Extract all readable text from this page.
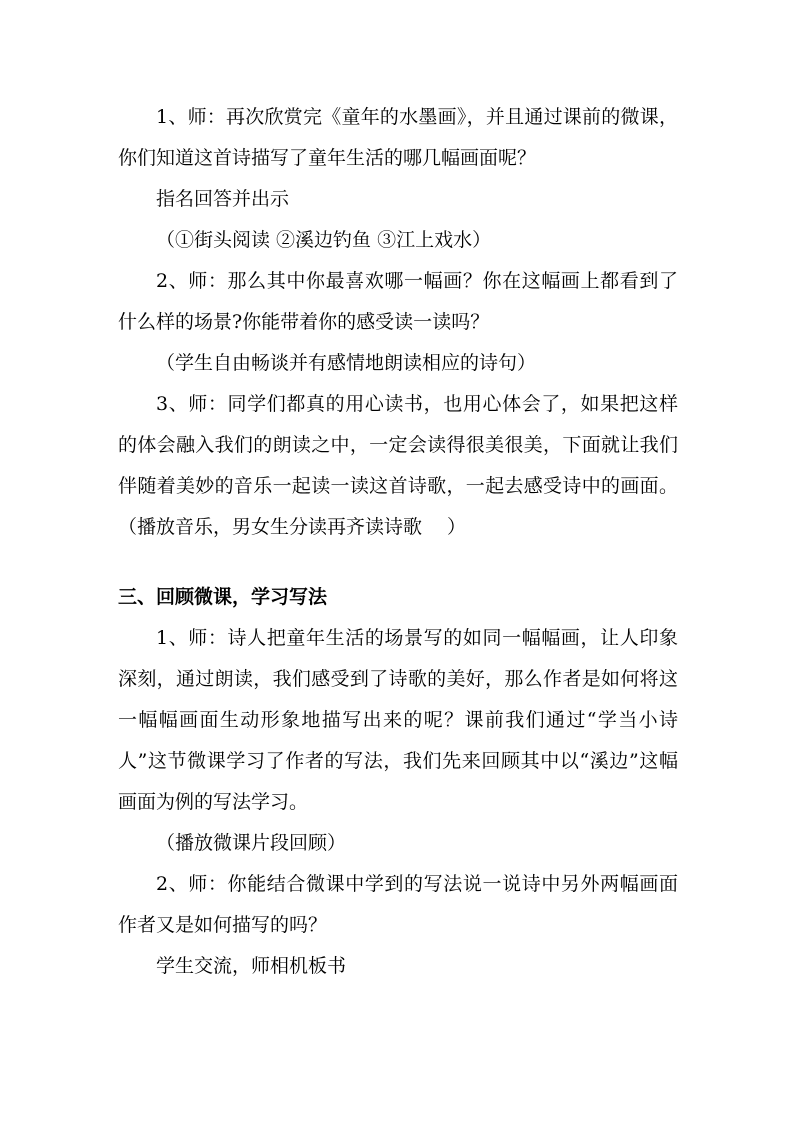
1、师：再次欣赏完《童年的水墨画》，并且通过课前的微课，你们知道这首诗描写了童年生活的哪几幅画面呢？

指名回答并出示

（①街头阅读 ②溪边钓鱼 ③江上戏水）

2、师：那么其中你最喜欢哪一幅画？你在这幅画上都看到了什么样的场景?你能带着你的感受读一读吗？

（学生自由畅谈并有感情地朗读相应的诗句）

3、师：同学们都真的用心读书，也用心体会了，如果把这样的体会融入我们的朗读之中，一定会读得很美很美，下面就让我们伴随着美妙的音乐一起读一读这首诗歌，一起去感受诗中的画面。（播放音乐，男女生分读再齐读诗歌　 ）

三、回顾微课，学习写法

1、师：诗人把童年生活的场景写的如同一幅幅画，让人印象深刻，通过朗读，我们感受到了诗歌的美好，那么作者是如何将这一幅幅画面生动形象地描写出来的呢？课前我们通过“学当小诗人”这节微课学习了作者的写法，我们先来回顾其中以“溪边”这幅画面为例的写法学习。

（播放微课片段回顾）

2、师：你能结合微课中学到的写法说一说诗中另外两幅画面作者又是如何描写的吗？

学生交流，师相机板书
